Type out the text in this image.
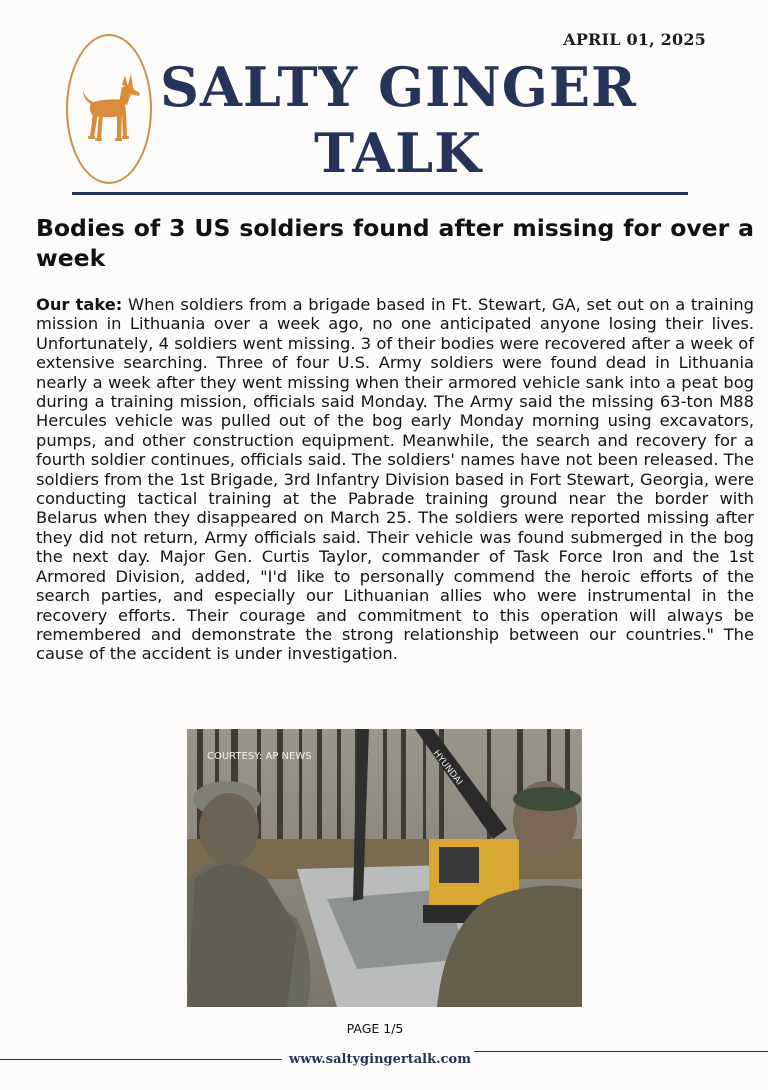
APRIL 01, 2025
SALTY GINGER
TALK
Bodies of 3 US soldiers found after missing for over a week

Our take: When soldiers from a brigade based in Ft. Stewart, GA, set out on a training mission in Lithuania over a week ago, no one anticipated anyone losing their lives. Unfortunately, 4 soldiers went missing. 3 of their bodies were recovered after a week of extensive searching. Three of four U.S. Army soldiers were found dead in Lithuania nearly a week after they went missing when their armored vehicle sank into a peat bog during a training mission, officials said Monday. The Army said the missing 63-ton M88 Hercules vehicle was pulled out of the bog early Monday morning using excavators, pumps, and other construction equipment. Meanwhile, the search and recovery for a fourth soldier continues, officials said. The soldiers' names have not been released. The soldiers from the 1st Brigade, 3rd Infantry Division based in Fort Stewart, Georgia, were conducting tactical training at the Pabrade training ground near the border with Belarus when they disappeared on March 25. The soldiers were reported missing after they did not return, Army officials said. Their vehicle was found submerged in the bog the next day. Major Gen. Curtis Taylor, commander of Task Force Iron and the 1st Armored Division, added, "I'd like to personally commend the heroic efforts of the search parties, and especially our Lithuanian allies who were instrumental in the recovery efforts. Their courage and commitment to this operation will always be remembered and demonstrate the strong relationship between our countries." The cause of the accident is under investigation.

HYUNDAI
COURTESY: AP NEWS
PAGE 1/5
www.saltygingertalk.com
